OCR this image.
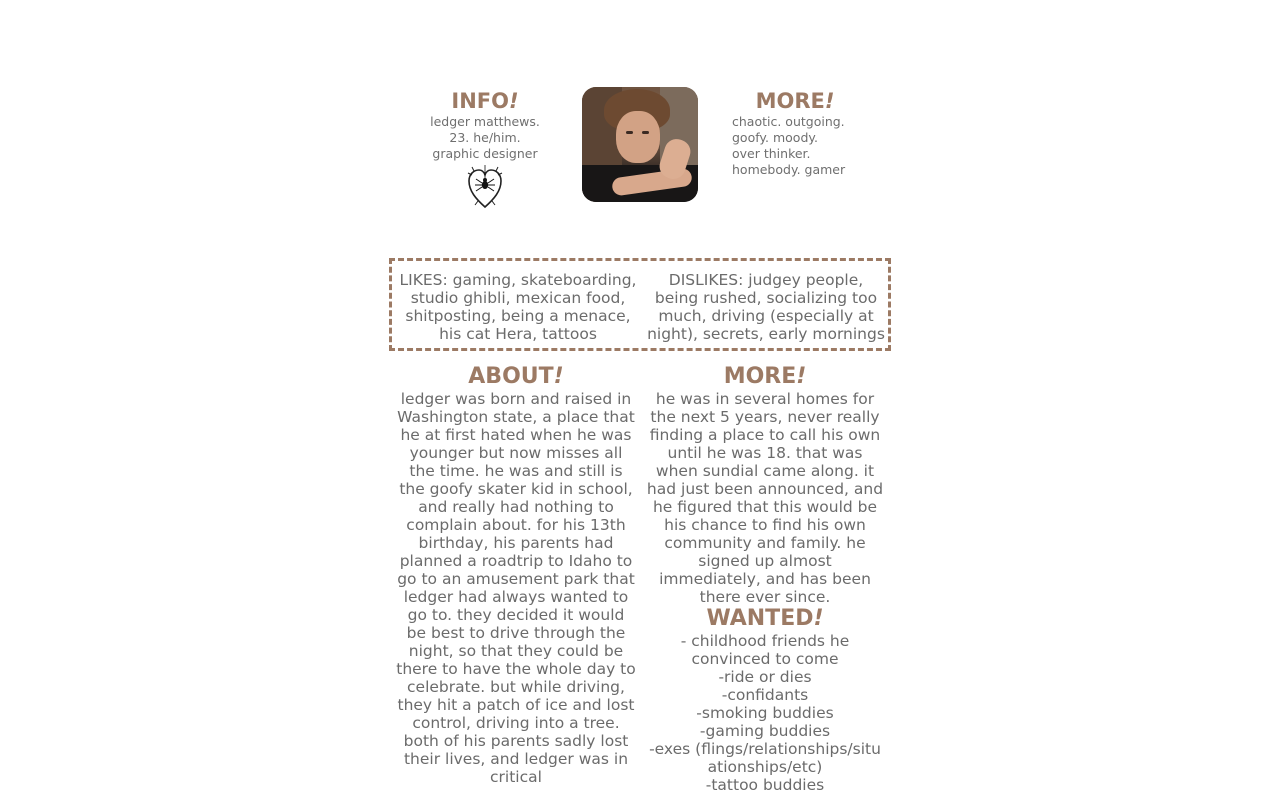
INFO!
ledger matthews.
23. he/him.
graphic designer
MORE!
chaotic. outgoing.
goofy. moody.
over thinker.
homebody. gamer
LIKES: gaming, skateboarding, studio ghibli, mexican food, shitposting, being a menace, his cat Hera, tattoos
DISLIKES: judgey people, being rushed, socializing too much, driving (especially at night), secrets, early mornings
ABOUT!
ledger was born and raised in Washington state, a place that he at first hated when he was younger but now misses all the time. he was and still is the goofy skater kid in school, and really had nothing to complain about. for his 13th birthday, his parents had planned a roadtrip to Idaho to go to an amusement park that ledger had always wanted to go to. they decided it would be best to drive through the night, so that they could be there to have the whole day to celebrate. but while driving, they hit a patch of ice and lost control, driving into a tree. both of his parents sadly lost their lives, and ledger was in critical
MORE!
he was in several homes for the next 5 years, never really finding a place to call his own until he was 18. that was when sundial came along. it had just been announced, and he figured that this would be his chance to find his own community and family. he signed up almost immediately, and has been there ever since.
WANTED!
- childhood friends he convinced to come
-ride or dies
-confidants
-smoking buddies
-gaming buddies
-exes (flings/relationships/situationships/etc)
-tattoo buddies
